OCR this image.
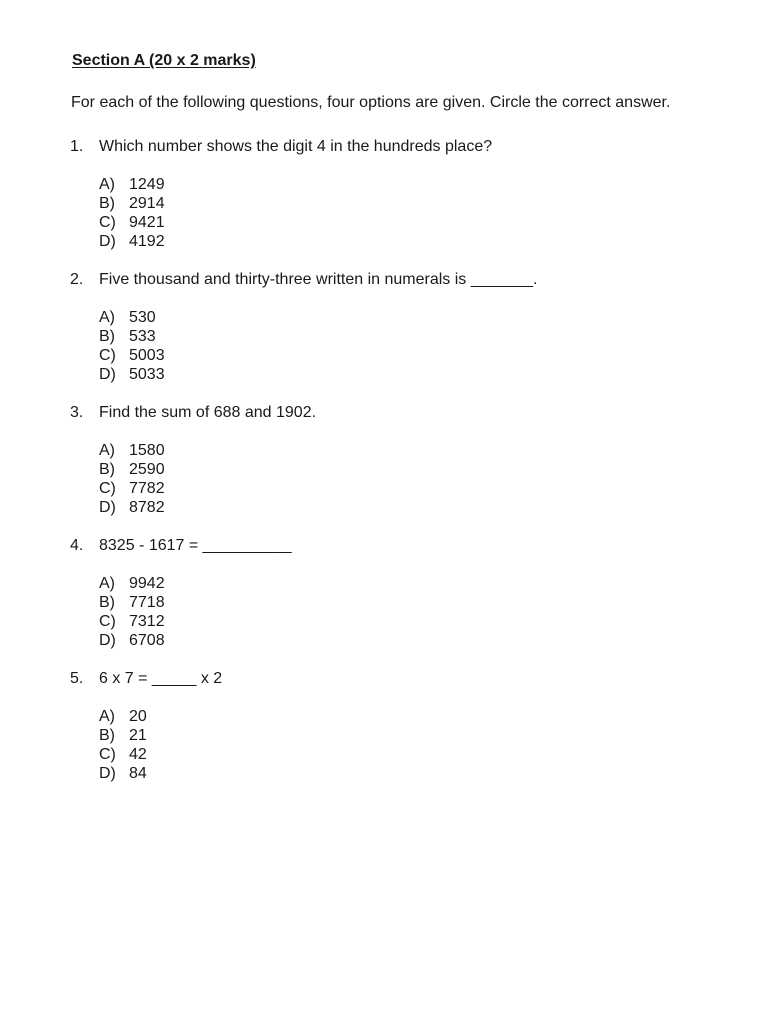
Section A (20 x 2 marks)

For each of the following questions, four options are given. Circle the correct answer.

1. Which number shows the digit 4 in the hundreds place?
A) 1249
B) 2914
C) 9421
D) 4192
2. Five thousand and thirty-three written in numerals is _______.
A) 530
B) 533
C) 5003
D) 5033
3. Find the sum of 688 and 1902.
A) 1580
B) 2590
C) 7782
D) 8782
4. 8325 - 1617 = __________
A) 9942
B) 7718
C) 7312
D) 6708
5. 6 x 7 = _____ x 2
A) 20
B) 21
C) 42
D) 84
